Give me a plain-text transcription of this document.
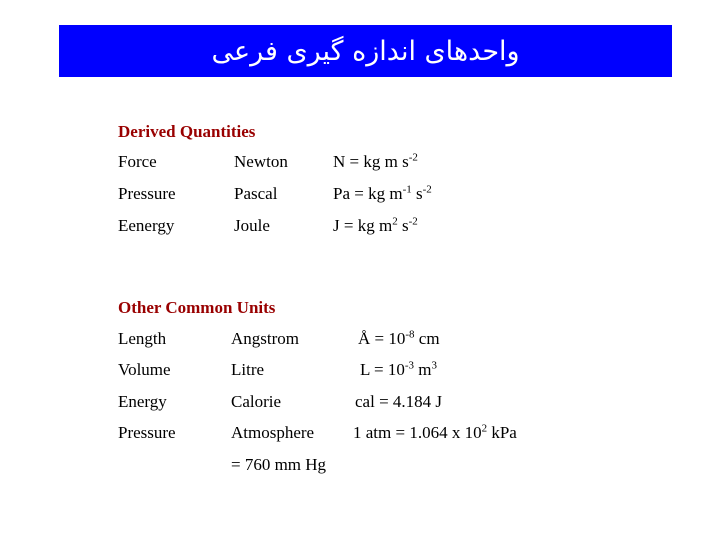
واحدهای اندازه گیری فرعی
Derived Quantities
Force	Newton	N = kg m $s^{-2}$
Pressure	Pascal	Pa = kg $m^{-1}$ $s^{-2}$
Eenergy	Joule	J = kg $m^2$ $s^{-2}$
Other Common Units
Length	Angstrom	Å = $10^{-8}$ cm
Volume	Litre	$L = 10^{-3}$ $m^3$
Energy	Calorie	cal = 4.184 J
Pressure	Atmosphere 1 atm = 1.064 x $10^2$ kPa
= 760 mm Hg
